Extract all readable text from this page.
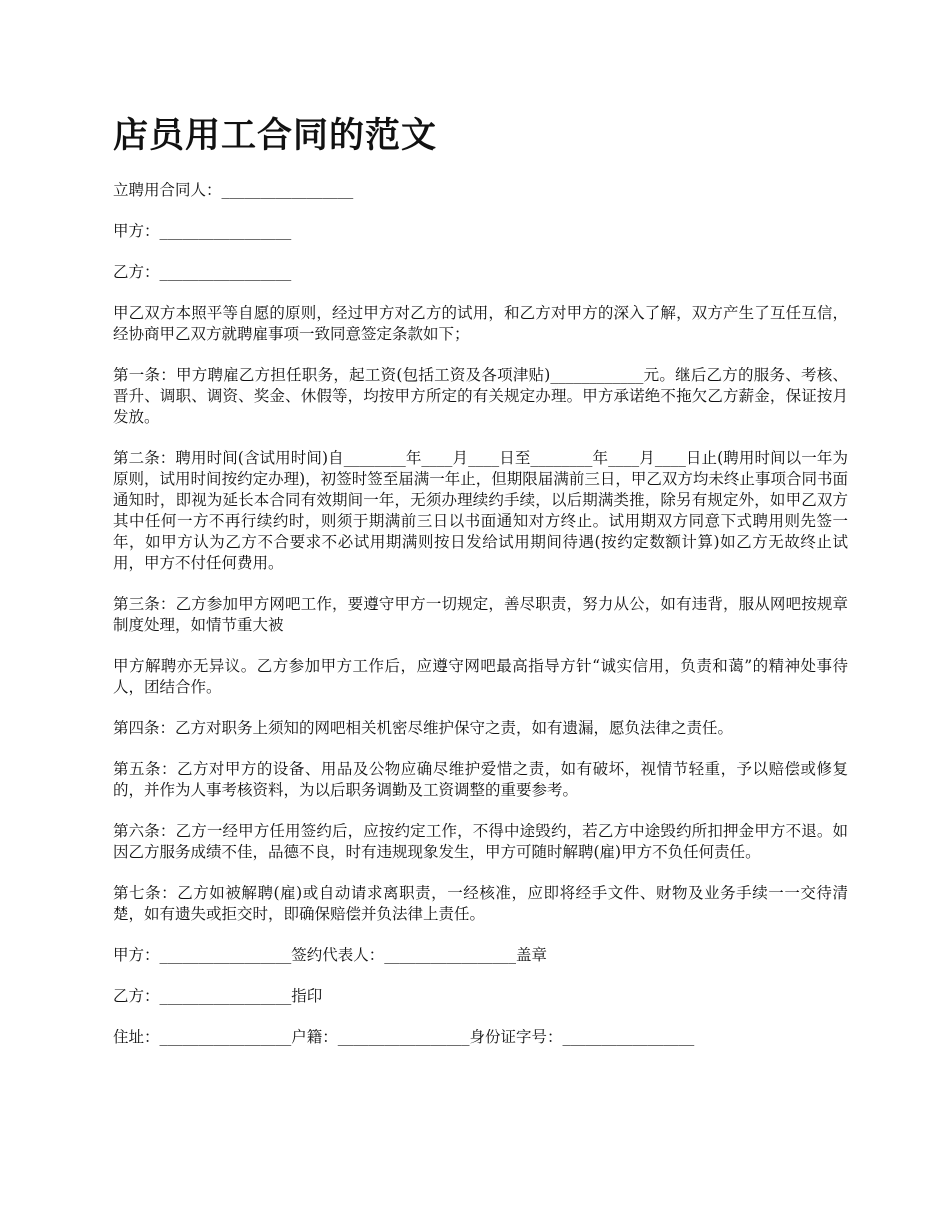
店员用工合同的范文
立聘用合同人：_________________
甲方：_________________
乙方：_________________

甲乙双方本照平等自愿的原则，经过甲方对乙方的试用，和乙方对甲方的深入了解，双方产生了互任互信，经协商甲乙双方就聘雇事项一致同意签定条款如下；

第一条：甲方聘雇乙方担任职务，起工资(包括工资及各项津贴)____________元。继后乙方的服务、考核、晋升、调职、调资、奖金、休假等，均按甲方所定的有关规定办理。甲方承诺绝不拖欠乙方薪金，保证按月发放。

第二条：聘用时间(含试用时间)自________年____月____日至________年____月____日止(聘用时间以一年为原则，试用时间按约定办理)，初签时签至届满一年止，但期限届满前三日，甲乙双方均未终止事项合同书面通知时，即视为延长本合同有效期间一年，无须办理续约手续，以后期满类推，除另有规定外，如甲乙双方其中任何一方不再行续约时，则须于期满前三日以书面通知对方终止。试用期双方同意下式聘用则先签一年，如甲方认为乙方不合要求不必试用期满则按日发给试用期间待遇(按约定数额计算)如乙方无故终止试用，甲方不付任何费用。

第三条：乙方参加甲方网吧工作，要遵守甲方一切规定，善尽职责，努力从公，如有违背，服从网吧按规章制度处理，如情节重大被

甲方解聘亦无异议。乙方参加甲方工作后，应遵守网吧最高指导方针“诚实信用，负责和蔼”的精神处事待人，团结合作。

第四条：乙方对职务上须知的网吧相关机密尽维护保守之责，如有遗漏，愿负法律之责任。

第五条：乙方对甲方的设备、用品及公物应确尽维护爱惜之责，如有破坏，视情节轻重，予以赔偿或修复的，并作为人事考核资料，为以后职务调勤及工资调整的重要参考。

第六条：乙方一经甲方任用签约后，应按约定工作，不得中途毁约，若乙方中途毁约所扣押金甲方不退。如因乙方服务成绩不佳，品德不良，时有违规现象发生，甲方可随时解聘(雇)甲方不负任何责任。

第七条：乙方如被解聘(雇)或自动请求离职责，一经核准，应即将经手文件、财物及业务手续一一交待清楚，如有遗失或拒交时，即确保赔偿并负法律上责任。

甲方：_________________签约代表人：_________________盖章
乙方：_________________指印
住址：_________________户籍：_________________身份证字号：_________________
